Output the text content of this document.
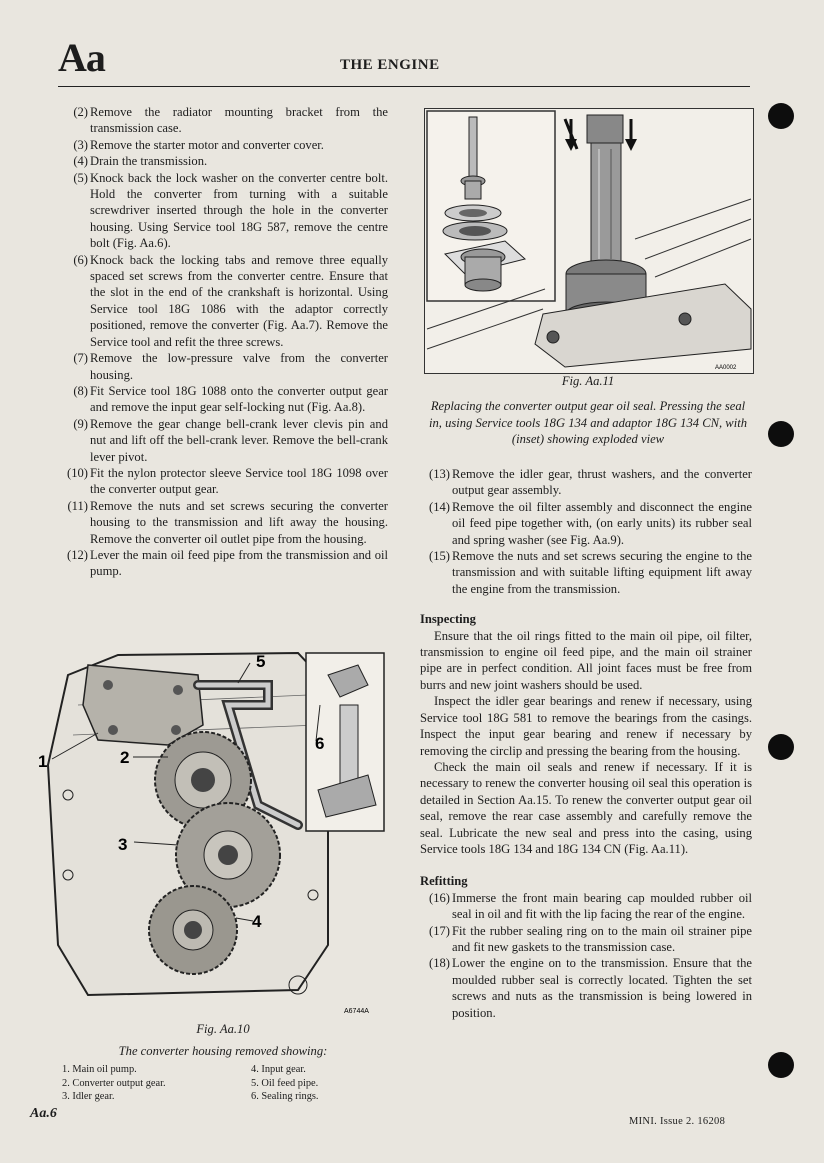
Aa	THE ENGINE
(2) Remove the radiator mounting bracket from the transmission case.

(3) Remove the starter motor and converter cover.

(4) Drain the transmission.

(5) Knock back the lock washer on the converter centre bolt. Hold the converter from turning with a suitable screwdriver inserted through the hole in the converter housing. Using Service tool 18G 587, remove the centre bolt (Fig. Aa.6).

(6) Knock back the locking tabs and remove three equally spaced set screws from the converter centre. Ensure that the slot in the end of the crankshaft is horizontal. Using Service tool 18G 1086 with the adaptor correctly positioned, remove the converter (Fig. Aa.7). Remove the Service tool and refit the three screws.

(7) Remove the low-pressure valve from the converter housing.

(8) Fit Service tool 18G 1088 onto the converter output gear and remove the input gear self-locking nut (Fig. Aa.8).

(9) Remove the gear change bell-crank lever clevis pin and nut and lift off the bell-crank lever. Remove the bell-crank lever pivot.

(10) Fit the nylon protector sleeve Service tool 18G 1098 over the converter output gear.

(11) Remove the nuts and set screws securing the converter housing to the transmission and lift away the housing. Remove the converter oil outlet pipe from the housing.

(12) Lever the main oil feed pipe from the transmission and oil pump.

AA0002
Fig. Aa.11
Replacing the converter output gear oil seal. Pressing the seal in, using Service tools 18G 134 and adaptor 18G 134 CN, with (inset) showing exploded view
(13) Remove the idler gear, thrust washers, and the converter output gear assembly.

(14) Remove the oil filter assembly and disconnect the engine oil feed pipe together with, (on early units) its rubber seal and spring washer (see Fig. Aa.9).

(15) Remove the nuts and set screws securing the engine to the transmission and with suitable lifting equipment lift away the engine from the transmission.

Inspecting

Ensure that the oil rings fitted to the main oil pipe, oil filter, transmission to engine oil feed pipe, and the main oil strainer pipe are in perfect condition. All joint faces must be free from burrs and new joint washers should be used.

Inspect the idler gear bearings and renew if necessary, using Service tool 18G 581 to remove the bearings from the casings. Inspect the input gear bearing and renew if necessary by removing the circlip and pressing the bearing from the housing.

Check the main oil seals and renew if necessary. If it is necessary to renew the converter housing oil seal this operation is detailed in Section Aa.15. To renew the converter output gear oil seal, remove the rear case assembly and carefully remove the seal. Lubricate the new seal and press into the casing, using Service tools 18G 134 and 18G 134 CN (Fig. Aa.11).

Refitting

(16) Immerse the front main bearing cap moulded rubber oil seal in oil and fit with the lip facing the rear of the engine.

(17) Fit the rubber sealing ring on to the main oil strainer pipe and fit new gaskets to the transmission case.

(18) Lower the engine on to the transmission. Ensure that the moulded rubber seal is correctly located. Tighten the set screws and nuts as the transmission is being lowered in position.

1	2
3
4
5
6
A6744A
Fig. Aa.10
The converter housing removed showing:
1. Main oil pump.
2. Converter output gear.
3. Idler gear.
4. Input gear.
5. Oil feed pipe.
6. Sealing rings.
Aa.6
MINI. Issue 2. 16208
